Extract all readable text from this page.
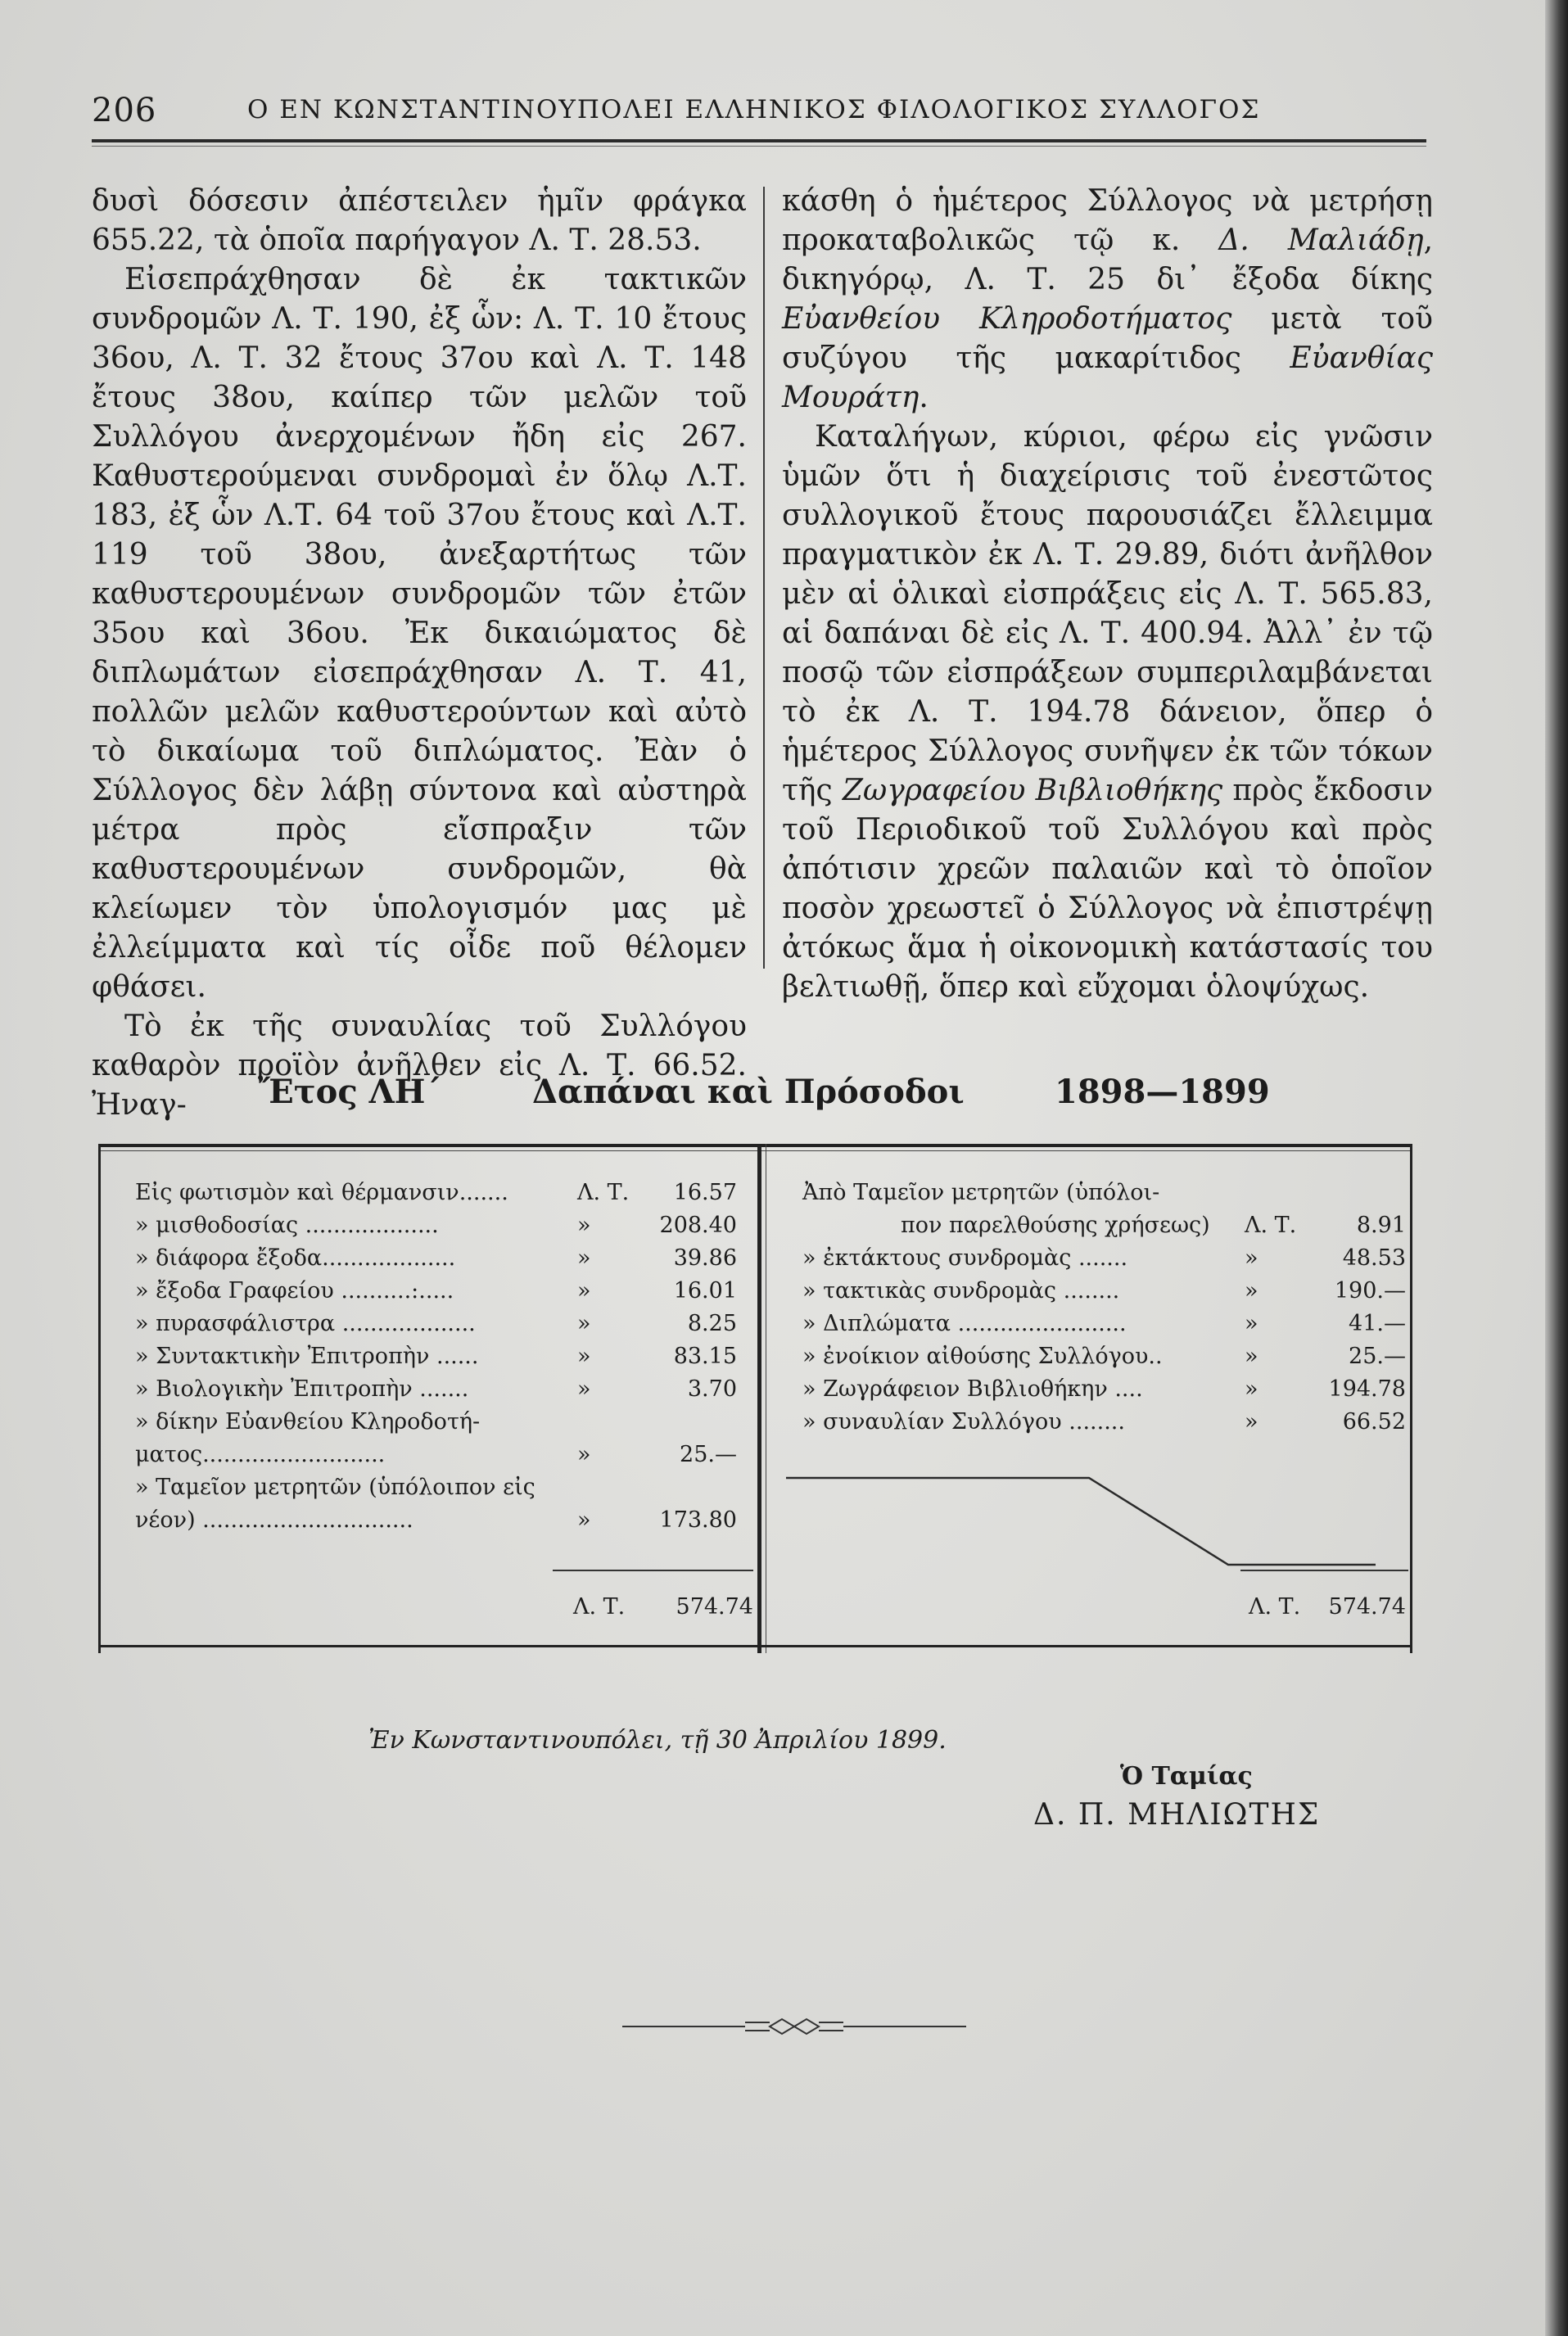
206	Ο ΕΝ ΚΩΝΣΤΑΝΤΙΝΟΥΠΟΛΕΙ ΕΛΛΗΝΙΚΟΣ ΦΙΛΟΛΟΓΙΚΟΣ ΣΥΛΛΟΓΟΣ

δυσὶ δόσεσιν ἀπέστειλεν ἡμῖν φράγκα 655.22, τὰ ὁποῖα παρήγαγον Λ. Τ. 28.53.

Εἰσεπράχθησαν δὲ ἐκ τακτικῶν συνδρομῶν Λ. Τ. 190, ἐξ ὧν: Λ. Τ. 10 ἔτους 36ου, Λ. Τ. 32 ἔτους 37ου καὶ Λ. Τ. 148 ἔτους 38ου, καίπερ τῶν μελῶν τοῦ Συλλόγου ἀνερχομένων ἤδη εἰς 267. Καθυστερούμεναι συνδρομαὶ ἐν ὅλῳ Λ.Τ. 183, ἐξ ὧν Λ.Τ. 64 τοῦ 37ου ἔτους καὶ Λ.Τ. 119 τοῦ 38ου, ἀνεξαρτήτως τῶν καθυστερουμένων συνδρομῶν τῶν ἐτῶν 35ου καὶ 36ου. Ἐκ δικαιώματος δὲ διπλωμάτων εἰσεπράχθησαν Λ. Τ. 41, πολλῶν μελῶν καθυστερούντων καὶ αὐτὸ τὸ δικαίωμα τοῦ διπλώματος. Ἐὰν ὁ Σύλλογος δὲν λάβῃ σύντονα καὶ αὐστηρὰ μέτρα πρὸς εἴσπραξιν τῶν καθυστερουμένων συνδρομῶν, θὰ κλείωμεν τὸν ὑπολογισμόν μας μὲ ἐλλείμματα καὶ τίς οἶδε ποῦ θέλομεν φθάσει.

Τὸ ἐκ τῆς συναυλίας τοῦ Συλλόγου καθαρὸν προϊὸν ἀνῆλθεν εἰς Λ. Τ. 66.52. Ἠναγ-

κάσθη ὁ ἡμέτερος Σύλλογος νὰ μετρήσῃ προκαταβολικῶς τῷ κ. Δ. Μαλιάδῃ, δικηγόρῳ, Λ. Τ. 25 δι᾽ ἔξοδα δίκης Εὐανθείου Κληροδοτήματος μετὰ τοῦ συζύγου τῆς μακαρίτιδος Εὐανθίας Μουράτη.

Καταλήγων, κύριοι, φέρω εἰς γνῶσιν ὑμῶν ὅτι ἡ διαχείρισις τοῦ ἐνεστῶτος συλλογικοῦ ἔτους παρουσιάζει ἔλλειμμα πραγματικὸν ἐκ Λ. Τ. 29.89, διότι ἀνῆλθον μὲν αἱ ὁλικαὶ εἰσπράξεις εἰς Λ. Τ. 565.83, αἱ δαπάναι δὲ εἰς Λ. Τ. 400.94. Ἀλλ᾽ ἐν τῷ ποσῷ τῶν εἰσπράξεων συμπεριλαμβάνεται τὸ ἐκ Λ. Τ. 194.78 δάνειον, ὅπερ ὁ ἡμέτερος Σύλλογος συνῆψεν ἐκ τῶν τόκων τῆς Ζωγραφείου Βιβλιοθήκης πρὸς ἔκδοσιν τοῦ Περιοδικοῦ τοῦ Συλλόγου καὶ πρὸς ἀπότισιν χρεῶν παλαιῶν καὶ τὸ ὁποῖον ποσὸν χρεωστεῖ ὁ Σύλλογος νὰ ἐπιστρέψῃ ἀτόκως ἅμα ἡ οἰκονομικὴ κατάστασίς του βελτιωθῇ, ὅπερ καὶ εὔχομαι ὁλοψύχως.

Ἔτος ΛΗ΄	Δαπάναι καὶ Πρόσοδοι	1898—1899
Εἰς φωτισμὸν καὶ θέρμανσιν.......	Λ. Τ. 16.57
» μισθοδοσίας ...................	»	208.40
» διάφορα ἔξοδα...................	»	39.86
» ἔξοδα Γραφείου ..........:.....	»	16.01
» πυρασφάλιστρα ...................	»	8.25
» Συντακτικὴν Ἐπιτροπὴν ......	»	83.15
» Βιολογικὴν Ἐπιτροπὴν .......	»	3.70
» δίκην Εὐανθείου Κληροδοτή-
ματος..........................	»	25.—
» Ταμεῖον μετρητῶν (ὑπόλοιπον εἰς
νέον) ..............................	»	173.80
Ἀπὸ Ταμεῖον μετρητῶν (ὑπόλοι-
πον παρελθούσης χρήσεως) Λ. Τ.	8.91
» ἐκτάκτους συνδρομὰς .......	»	48.53
» τακτικὰς συνδρομὰς ........	»	190.—
» Διπλώματα ........................	»	41.—
» ἐνοίκιον αἰθούσης Συλλόγου..	»	25.—
» Ζωγράφειον Βιβλιοθήκην ....	»	194.78
» συναυλίαν Συλλόγου ........	»	66.52
Λ. Τ. 574.74	Λ. Τ. 574.74
Ἐν Κωνσταντινουπόλει, τῇ 30 Ἀπριλίου 1899.
Ὁ Ταμίας
Δ. Π. ΜΗΛΙΩΤΗΣ
